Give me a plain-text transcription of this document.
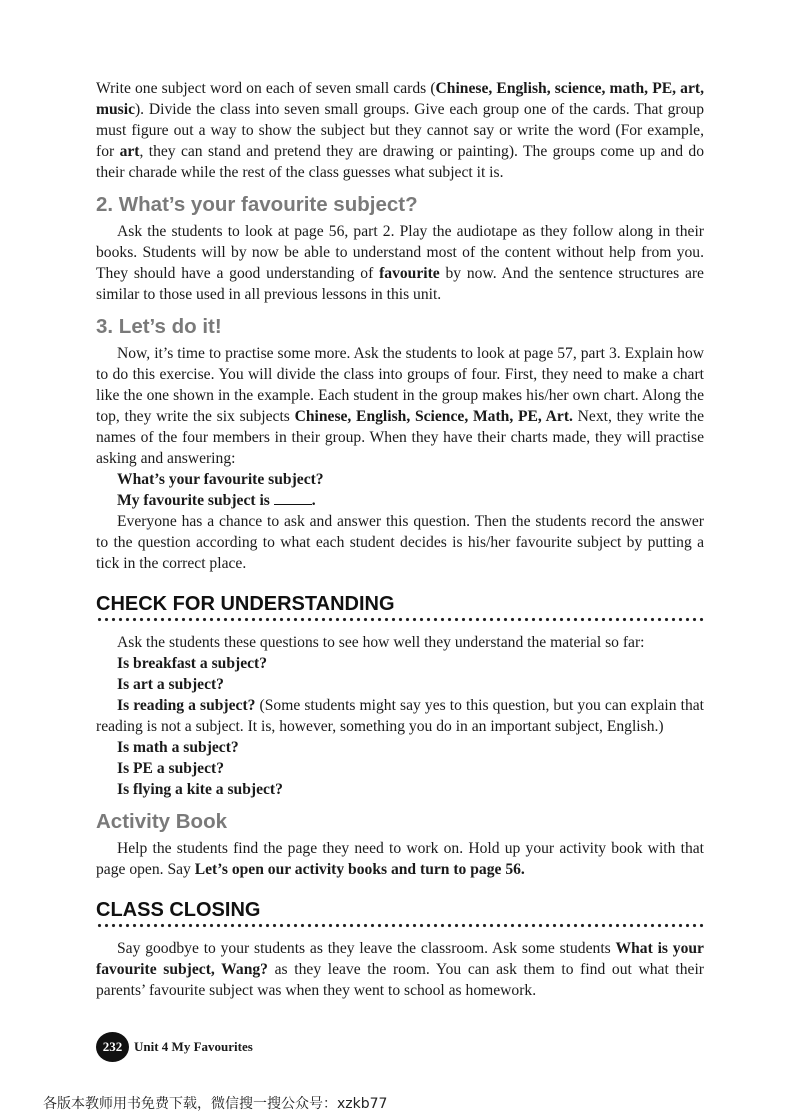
Write one subject word on each of seven small cards (Chinese, English, science, math, PE, art, music). Divide the class into seven small groups. Give each group one of the cards. That group must figure out a way to show the subject but they cannot say or write the word (For example, for art, they can stand and pretend they are drawing or painting). The groups come up and do their charade while the rest of the class guesses what subject it is.

2. What’s your favourite subject?

Ask the students to look at page 56, part 2. Play the audiotape as they follow along in their books. Students will by now be able to understand most of the content without help from you. They should have a good understanding of favourite by now. And the sentence structures are similar to those used in all previous lessons in this unit.

3. Let’s do it!

Now, it’s time to practise some more. Ask the students to look at page 57, part 3. Explain how to do this exercise. You will divide the class into groups of four. First, they need to make a chart like the one shown in the example. Each student in the group makes his/her own chart. Along the top, they write the six subjects Chinese, English, Science, Math, PE, Art. Next, they write the names of the four members in their group. When they have their charts made, they will practise asking and answering:

What’s your favourite subject?

My favourite subject is	.

Everyone has a chance to ask and answer this question. Then the students record the answer to the question according to what each student decides is his/her favourite subject by putting a tick in the correct place.

CHECK FOR UNDERSTANDING

Ask the students these questions to see how well they understand the material so far:

Is breakfast a subject?

Is art a subject?

Is reading a subject? (Some students might say yes to this question, but you can explain that reading is not a subject. It is, however, something you do in an important subject, English.)

Is math a subject?

Is PE a subject?

Is flying a kite a subject?

Activity Book

Help the students find the page they need to work on. Hold up your activity book with that page open. Say Let’s open our activity books and turn to page 56.

CLASS CLOSING

Say goodbye to your students as they leave the classroom. Ask some students What is your favourite subject, Wang? as they leave the room. You can ask them to find out what their parents’ favourite subject was when they went to school as homework.

232 Unit 4 My Favourites
各版本教师用书免费下载，微信搜一搜公众号：xzkb77
